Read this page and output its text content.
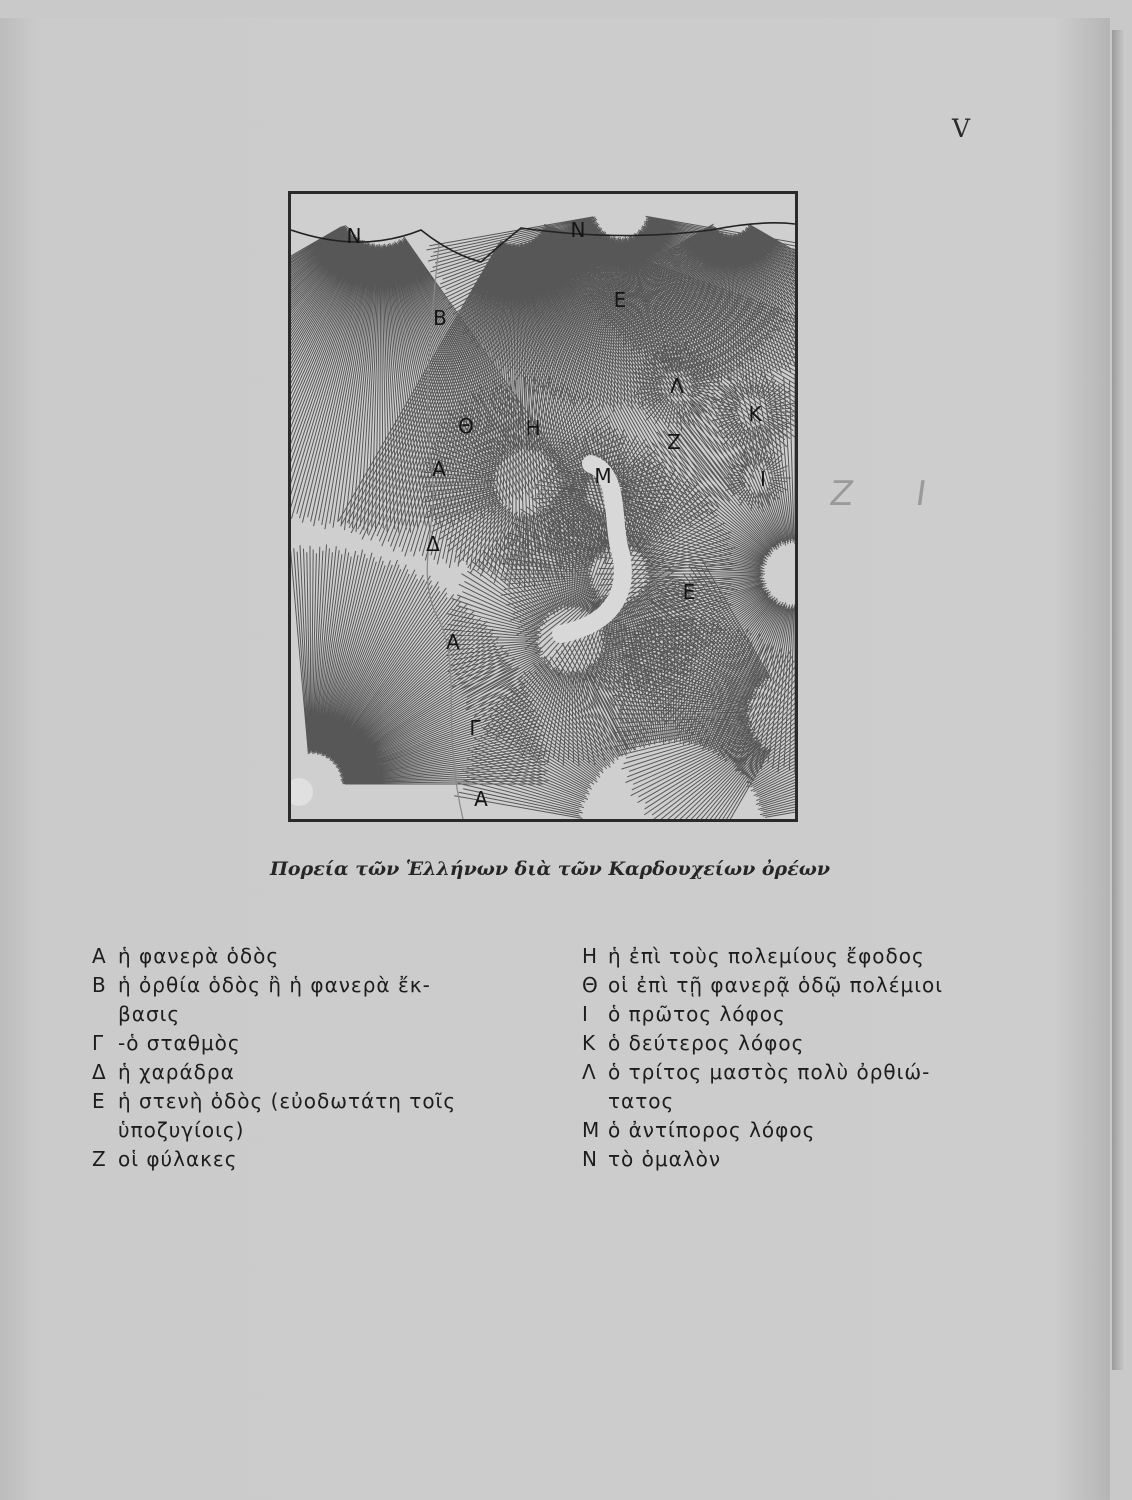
V
Ν	Ν
Ε
Β
Λ
Κ
Θ	Η
Ζ
Α	Μ	Ι
Δ
Ε
Α
Γ
Α
Ζ Ι
Πορεία τῶν Ἑλλήνων διὰ τῶν Καρδουχείων ὀρέων
Α ἡ φανερὰ ὁδὸς
Β ἡ ὀρθία ὁδὸς ἢ ἡ φανερὰ ἔκ-
βασις
Γ -ὁ σταθμὸς
Δ ἡ χαράδρα
Ε ἡ στενὴ ὁδὸς (εὐοδωτάτη τοῖς
ὑποζυγίοις)
Ζ οἱ φύλακες
Η ἡ ἐπὶ τοὺς πολεμίους ἔφοδος
Θ οἱ ἐπὶ τῇ φανερᾷ ὁδῷ πολέμιοι
Ι	ὁ πρῶτος λόφος
Κ ὁ δεύτερος λόφος
Λ ὁ τρίτος μαστὸς πολὺ ὀρθιώ-
τατος
Μ ὁ ἀντίπορος λόφος
Ν τὸ ὁμαλὸν
